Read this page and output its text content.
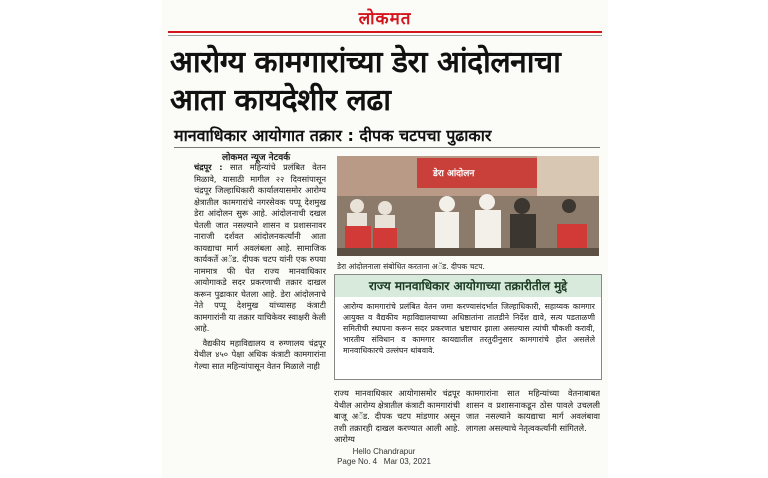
लोकमत
आरोग्य कामगारांच्या डेरा आंदोलनाचा आता कायदेशीर लढा
मानवाधिकार आयोगात तक्रार : दीपक चटपचा पुढाकार
लोकमत न्यूज नेटवर्क

चंद्रपूर : सात महिन्यांचे प्रलंबित वेतन मिळावे, यासाठी मागील २२ दिवसांपासून चंद्रपूर जिल्हाधिकारी कार्यालयासमोर आरोग्य क्षेत्रातील कामगारांचे नगरसेवक पप्पू देशमुख डेरा आंदोलन सुरू आहे. आंदोलनाची दखल घेतली जात नसल्याने शासन व प्रशासनावर नाराजी दर्शवत आंदोलनकर्त्यांनी आता कायद्याचा मार्ग अवलंबला आहे. सामाजिक कार्यकर्ते अॅड. दीपक चटप यांनी एक रुपया नाममात्र फी घेत राज्य मानवाधिकार आयोगाकडे सदर प्रकरणाची तक्रार दाखल करून पुढाकार घेतला आहे. डेरा आंदोलनाचे नेते पप्पू देशमुख यांच्यासह कंत्राटी कामगारांनी या तक्रार याचिकेवर स्वाक्षरी केली आहे.

वैद्यकीय महाविद्यालय व रुग्णालय चंद्रपूर येथील ४५० पेक्षा अधिक कंत्राटी कामगारांना गेल्या सात महिन्यांपासून वेतन मिळाले नाही

डेरा आंदोलन
डेरा आंदोलनाला संबोधित करताना अॅड. दीपक चटप.
राज्य मानवाधिकार आयोगाच्या तक्रारीतील मुद्दे
आरोग्य कामगारांचे प्रलंबित वेतन जमा करण्यासंदर्भात जिल्हाधिकारी, सहाय्यक कामगार आयुक्त व वैद्यकीय महाविद्यालयाच्या अधिष्ठातांना तातडीने निर्देश द्यावे, सत्य पडताळणी समितीची स्थापना करून सदर प्रकरणात भ्रष्टाचार झाला असल्यास त्यांची चौकशी करावी, भारतीय संविधान व कामगार कायद्यातील तरतुदीनुसार कामगारांचे होत असलेले मानवाधिकारचे उल्लंघन थांबवावे.
राज्य मानवाधिकार आयोगासमोर चंद्रपूर येथील आरोग्य क्षेत्रातील कंत्राटी कामगारांची बाजू अॅड. दीपक चटप मांडणार असून तशी तक्रारही दाखल करण्यात आली आहे. आरोग्य
कामगारांना सात महिन्यांच्या वेतनाबाबत शासन व प्रशासनाकडून ठोस पावले उचलली जात नसल्याने कायद्याचा मार्ग अवलंबावा लागला असल्याचे नेतृत्वकर्त्यांनी सांगितले.
Hello Chandrapur
Page No. 4   Mar 03, 2021
